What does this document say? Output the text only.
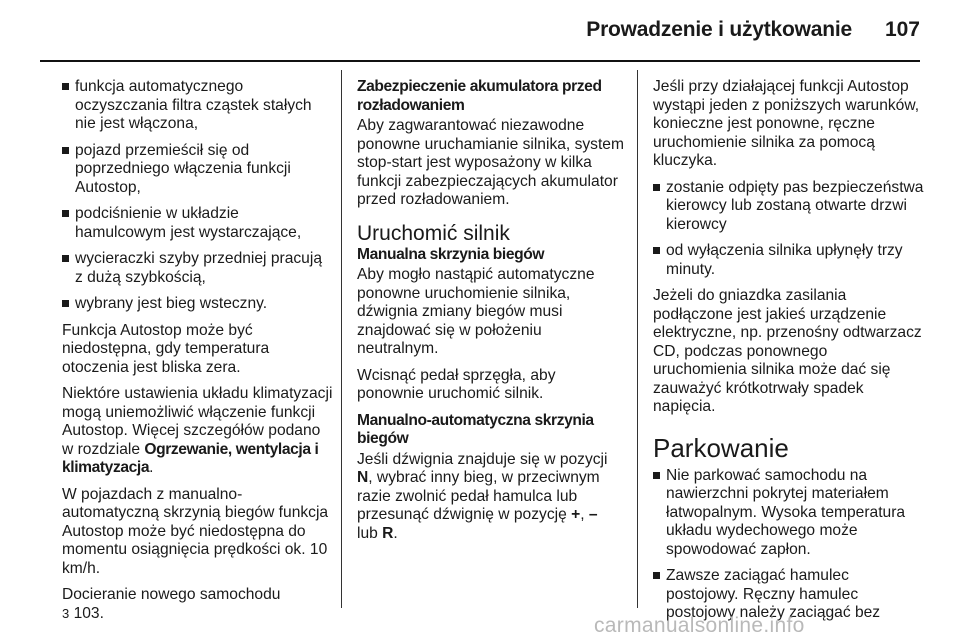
Prowadzenie i użytkowanie 107
funkcja automatycznego oczyszczania filtra cząstek stałych nie jest włączona,
pojazd przemieścił się od poprzedniego włączenia funkcji Autostop,
podciśnienie w układzie hamulcowym jest wystarczające,
wycieraczki szyby przedniej pracują z dużą szybkością,
wybrany jest bieg wsteczny.

Funkcja Autostop może być niedostępna, gdy temperatura otoczenia jest bliska zera.

Niektóre ustawienia układu klimatyzacji mogą uniemożliwić włączenie funkcji Autostop. Więcej szczegółów podano w rozdziale Ogrzewanie, wentylacja i klimatyzacja.

W pojazdach z manualno-automatyczną skrzynią biegów funkcja Autostop może być niedostępna do momentu osiągnięcia prędkości ok. 10 km/h.

Docieranie nowego samochodu
3 103.

Zabezpieczenie akumulatora przed rozładowaniem

Aby zagwarantować niezawodne ponowne uruchamianie silnika, system stop-start jest wyposażony w kilka funkcji zabezpieczających akumulator przed rozładowaniem.

Uruchomić silnik
Manualna skrzynia biegów

Aby mogło nastąpić automatyczne ponowne uruchomienie silnika, dźwignia zmiany biegów musi znajdować się w położeniu neutralnym.

Wcisnąć pedał sprzęgła, aby ponownie uruchomić silnik.

Manualno-automatyczna skrzynia biegów

Jeśli dźwignia znajduje się w pozycji N, wybrać inny bieg, w przeciwnym razie zwolnić pedał hamulca lub przesunąć dźwignię w pozycję +, –
lub R.

Jeśli przy działającej funkcji Autostop wystąpi jeden z poniższych warunków, konieczne jest ponowne, ręczne uruchomienie silnika za pomocą kluczyka.

zostanie odpięty pas bezpieczeństwa kierowcy lub zostaną otwarte drzwi kierowcy
od wyłączenia silnika upłynęły trzy minuty.

Jeżeli do gniazdka zasilania podłączone jest jakieś urządzenie elektryczne, np. przenośny odtwarzacz CD, podczas ponownego uruchomienia silnika może dać się zauważyć krótkotrwały spadek napięcia.

Parkowanie
Nie parkować samochodu na nawierzchni pokrytej materiałem łatwopalnym. Wysoka temperatura układu wydechowego może spowodować zapłon.
Zawsze zaciągać hamulec postojowy. Ręczny hamulec postojowy należy zaciągać bez
carmanualsonline.info
